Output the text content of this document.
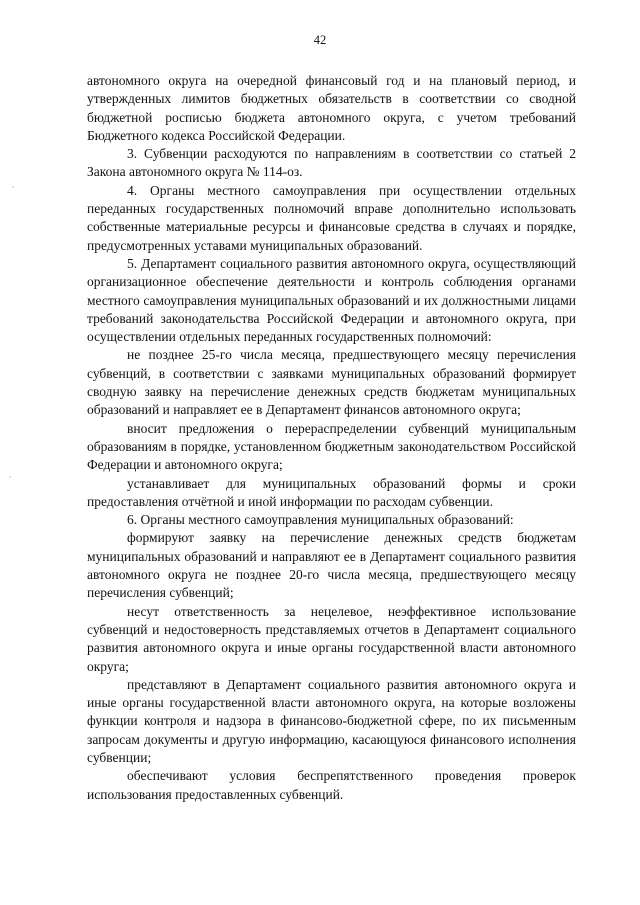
42

автономного округа на очередной финансовый год и на плановый период, и утвержденных лимитов бюджетных обязательств в соответствии со сводной бюджетной росписью бюджета автономного округа, с учетом требований Бюджетного кодекса Российской Федерации.

3. Субвенции расходуются по направлениям в соответствии со статьей 2 Закона автономного округа № 114-оз.

4. Органы местного самоуправления при осуществлении отдельных переданных государственных полномочий вправе дополнительно использовать собственные материальные ресурсы и финансовые средства в случаях и порядке, предусмотренных уставами муниципальных образований.

5. Департамент социального развития автономного округа, осуществляющий организационное обеспечение деятельности и контроль соблюдения органами местного самоуправления муниципальных образований и их должностными лицами требований законодательства Российской Федерации и автономного округа, при осуществлении отдельных переданных государственных полномочий:

не позднее 25-го числа месяца, предшествующего месяцу перечисления субвенций, в соответствии с заявками муниципальных образований формирует сводную заявку на перечисление денежных средств бюджетам муниципальных образований и направляет ее в Департамент финансов автономного округа;

вносит предложения о перераспределении субвенций муниципальным образованиям в порядке, установленном бюджетным законодательством Российской Федерации и автономного округа;

устанавливает для муниципальных образований формы и сроки предоставления отчётной и иной информации по расходам субвенции.

6. Органы местного самоуправления муниципальных образований:

формируют заявку на перечисление денежных средств бюджетам муниципальных образований и направляют ее в Департамент социального развития автономного округа не позднее 20-го числа месяца, предшествующего месяцу перечисления субвенций;

несут ответственность за нецелевое, неэффективное использование субвенций и недостоверность представляемых отчетов в Департамент социального развития автономного округа и иные органы государственной власти автономного округа;

представляют в Департамент социального развития автономного округа и иные органы государственной власти автономного округа, на которые возложены функции контроля и надзора в финансово-бюджетной сфере, по их письменным запросам документы и другую информацию, касающуюся финансового исполнения субвенции;

обеспечивают условия беспрепятственного проведения проверок использования предоставленных субвенций.
